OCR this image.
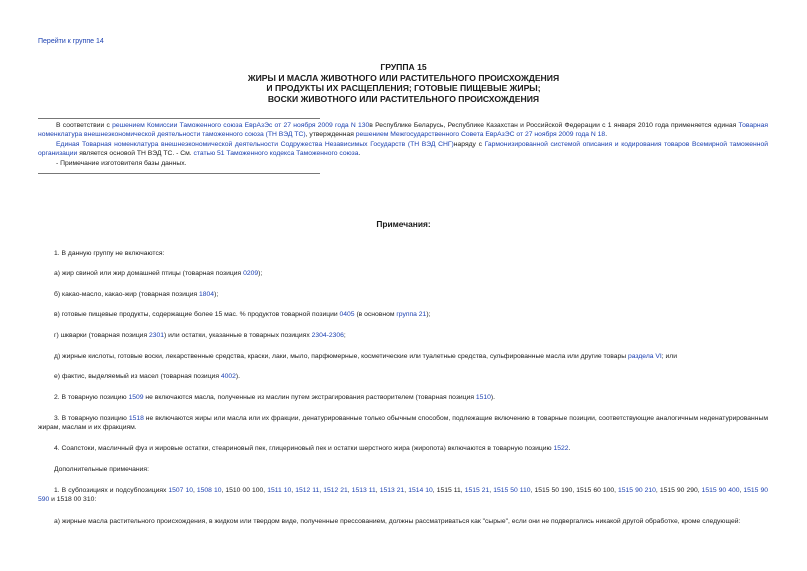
Перейти к группе 14
ГРУППА 15
ЖИРЫ И МАСЛА ЖИВОТНОГО ИЛИ РАСТИТЕЛЬНОГО ПРОИСХОЖДЕНИЯ
И ПРОДУКТЫ ИХ РАСЩЕПЛЕНИЯ; ГОТОВЫЕ ПИЩЕВЫЕ ЖИРЫ;
ВОСКИ ЖИВОТНОГО ИЛИ РАСТИТЕЛЬНОГО ПРОИСХОЖДЕНИЯ
В соответствии с решением Комиссии Таможенного союза ЕврАзЭс от 27 ноября 2009 года N 130в Республике Беларусь, Республике Казахстан и Российской Федерации с 1 января 2010 года применяется единая Товарная номенклатура внешнеэкономической деятельности таможенного союза (ТН ВЭД ТС), утвержденная решением Межгосударственного Совета ЕврАзЭС от 27 ноября 2009 года N 18.
Единая Товарная номенклатура внешнеэкономической деятельности Содружества Независимых Государств (ТН ВЭД СНГ)наряду с Гармонизированной системой описания и кодирования товаров Всемирной таможенной организации является основой ТН ВЭД ТС. - См. статью 51 Таможенного кодекса Таможенного союза.
- Примечание изготовителя базы данных.
Примечания:
1. В данную группу не включаются:
а) жир свиной или жир домашней птицы (товарная позиция 0209);
б) какао-масло, какао-жир (товарная позиция 1804);
в) готовые пищевые продукты, содержащие более 15 мас. % продуктов товарной позиции 0405 (в основном группа 21);
г) шкварки (товарная позиция 2301) или остатки, указанные в товарных позициях 2304-2306;
д) жирные кислоты, готовые воски, лекарственные средства, краски, лаки, мыло, парфюмерные, косметические или туалетные средства, сульфированные масла или другие товары раздела VI; или
е) фактис, выделяемый из масел (товарная позиция 4002).
2. В товарную позицию 1509 не включаются масла, полученные из маслин путем экстрагирования растворителем (товарная позиция 1510).
3. В товарную позицию 1518 не включаются жиры или масла или их фракции, денатурированные только обычным способом, подлежащие включению в товарные позиции, соответствующие аналогичным неденатурированным жирам, маслам и их фракциям.
4. Соапстоки, масличный фуз и жировые остатки, стеариновый пек, глицериновый пек и остатки шерстного жира (жиропота) включаются в товарную позицию 1522.
Дополнительные примечания:
1. В субпозициях и подсубпозициях 1507 10, 1508 10, 1510 00 100, 1511 10, 1512 11, 1512 21, 1513 11, 1513 21, 1514 10, 1515 11, 1515 21, 1515 50 110, 1515 50 190, 1515 60 100, 1515 90 210, 1515 90 290, 1515 90 400, 1515 90 590 и 1518 00 310:
а) жирные масла растительного происхождения, в жидком или твердом виде, полученные прессованием, должны рассматриваться как "сырые", если они не подвергались никакой другой обработке, кроме следующей:
